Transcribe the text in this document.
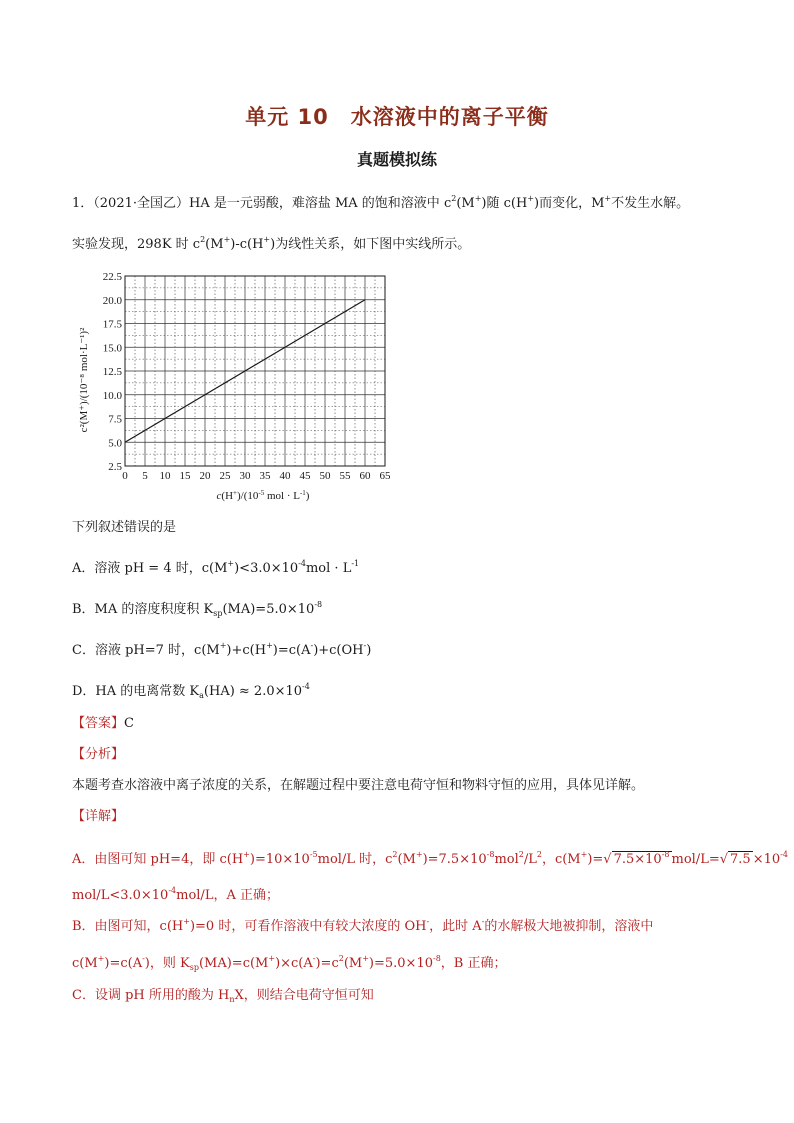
单元 10　水溶液中的离子平衡
真题模拟练
1．（2021·全国乙）HA 是一元弱酸，难溶盐 MA 的饱和溶液中 $c^2(M^+)$随 c(H+)而变化，M+不发生水解。
实验发现，298K 时 $c^2(M^+)-c(H^+)$为线性关系，如下图中实线所示。
0 5 10 15 20 25 30 35 40 45 50 55 60 65
2.5
5.0
7.5
10.0
12.5
15.0
17.5
20.0
22.5
$c(H^+)/(10^{-5}$ mol · $L^{-1}$)
c²(M⁺)/(10⁻⁸ mol·L⁻¹)²
下列叙述错误的是
A．溶液 pH = 4 时，$c(M^+)<3.0\times 10^{-4}mol \cdot L^{-1}$
B．MA 的溶度积度积 $K_{sp}(MA)=5.0\times 10^{-8}$
C．溶液 pH=7 时，c(M+)+c(H+)=c(A-)+c(OH-)
D．HA 的电离常数 $K_a(HA) \approx 2.0\times 10^{-4}$
【答案】C
【分析】
本题考查水溶液中离子浓度的关系，在解题过程中要注意电荷守恒和物料守恒的应用，具体见详解。
【详解】
A．由图可知 pH=4，即 $c(H^+)=10\times 10^{-5}mol/L$ 时，$c^2(M^+)=7.5\times 10^{-8}mol^2/L^2$，c(M+)=√ $7.5\times 10^{-8}$ mol/L=√ $7.5 \times 10^{-4}$
mol/$L<3.0\times 10^{-4}mol/L$，A 正确；
B．由图可知，c(H+)=0 时，可看作溶液中有较大浓度的 OH-，此时 A-的水解极大地被抑制，溶液中
c(M+)=c(A-)，则 $K_{sp}(MA)=c(M^+)\times c(A^-)=c^2(M^+)=5.0\times 10^{-8}$，B 正确；
C．设调 pH 所用的酸为 $H_nX$，则结合电荷守恒可知
